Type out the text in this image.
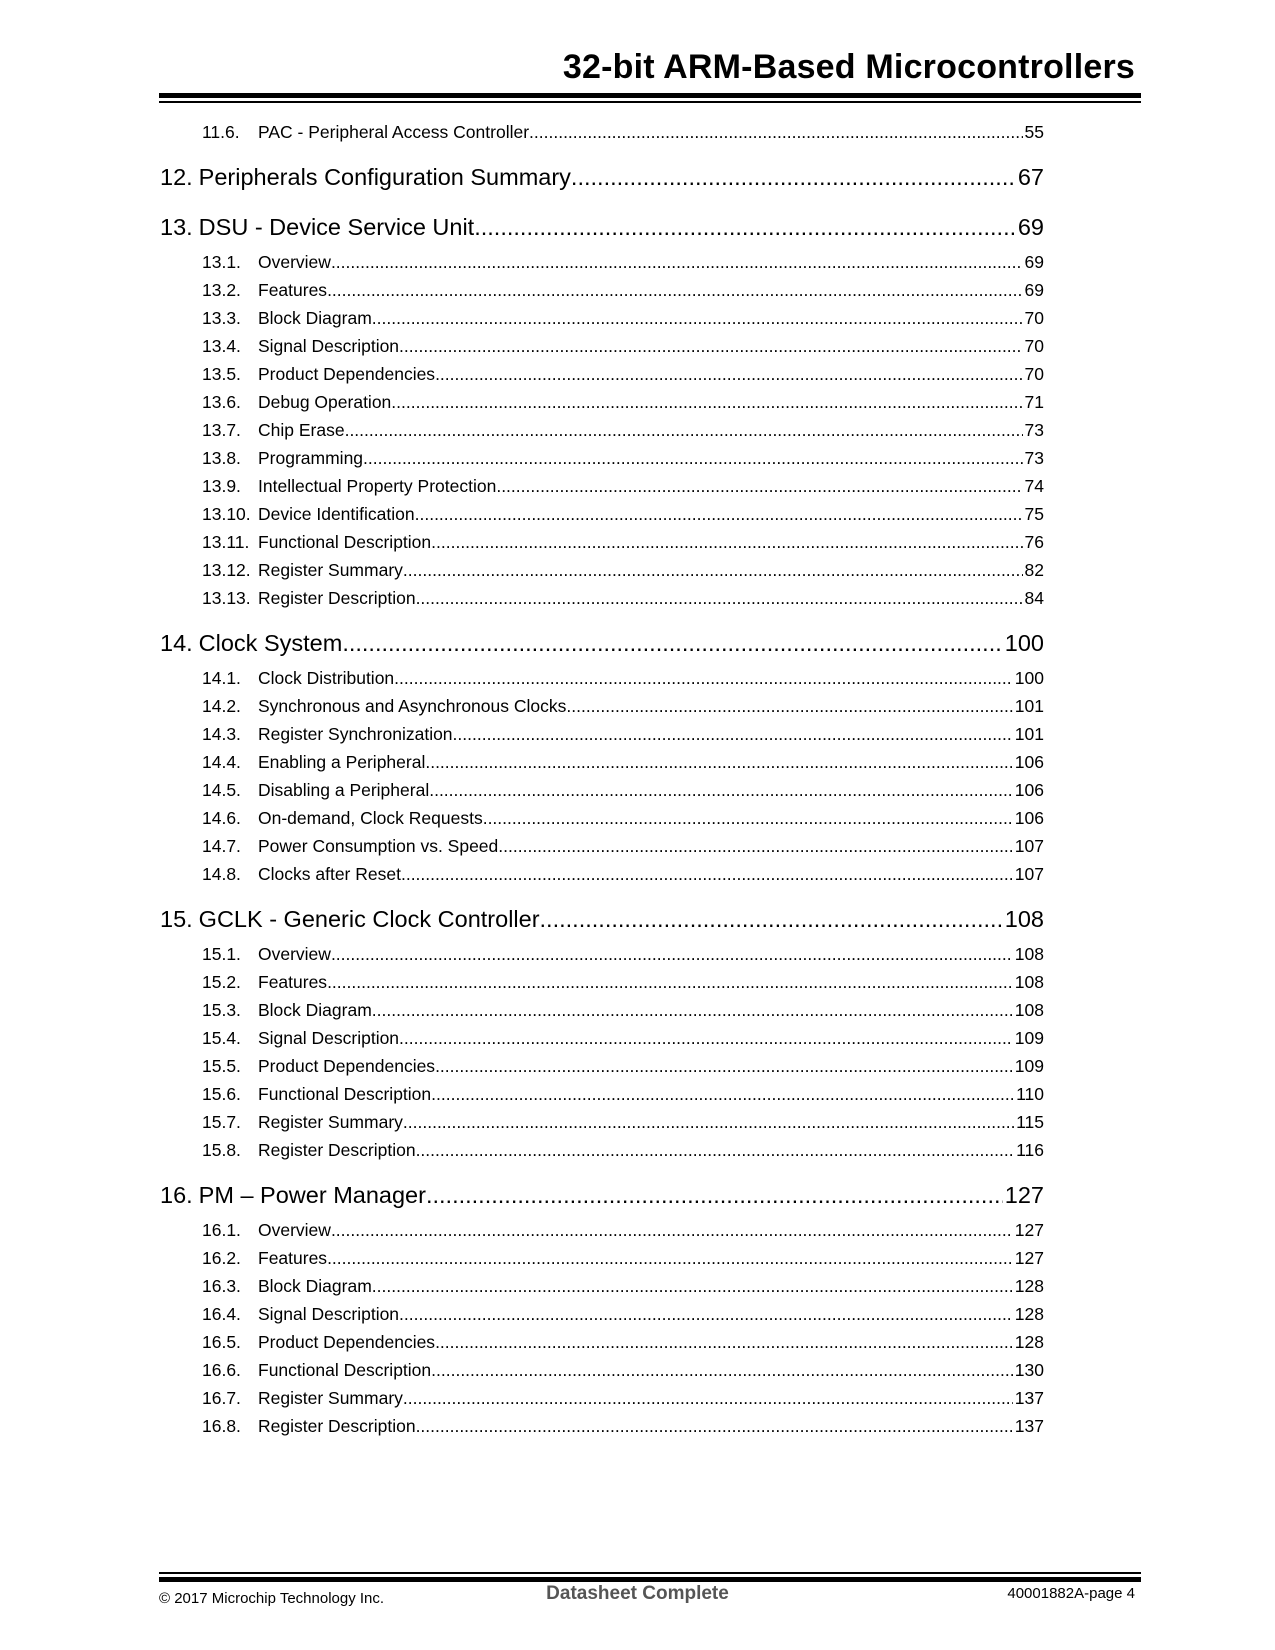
32-bit ARM-Based Microcontrollers
11.6. PAC - Peripheral Access Controller .....	55
12. Peripherals Configuration Summary .....	67
13. DSU - Device Service Unit .....	69
13.1. Overview .....	69
13.2. Features .....	69
13.3. Block Diagram .....	70
13.4. Signal Description .....	70
13.5. Product Dependencies .....	70
13.6. Debug Operation .....	71
13.7. Chip Erase .....	73
13.8. Programming .....	73
13.9. Intellectual Property Protection .....	74
13.10. Device Identification .....	75
13.11. Functional Description .....	76
13.12. Register Summary .....	82
13.13. Register Description .....	84
14. Clock System .....	100
14.1. Clock Distribution .....	100
14.2. Synchronous and Asynchronous Clocks .....	101
14.3. Register Synchronization .....	101
14.4. Enabling a Peripheral .....	106
14.5. Disabling a Peripheral .....	106
14.6. On-demand, Clock Requests .....	106
14.7. Power Consumption vs. Speed .....	107
14.8. Clocks after Reset .....	107
15. GCLK - Generic Clock Controller .....	108
15.1. Overview .....	108
15.2. Features .....	108
15.3. Block Diagram .....	108
15.4. Signal Description .....	109
15.5. Product Dependencies .....	109
15.6. Functional Description .....	110
15.7. Register Summary .....	115
15.8. Register Description .....	116
16. PM – Power Manager .....	127
16.1. Overview .....	127
16.2. Features .....	127
16.3. Block Diagram .....	128
16.4. Signal Description .....	128
16.5. Product Dependencies .....	128
16.6. Functional Description .....	130
16.7. Register Summary .....	137
16.8. Register Description .....	137
© 2017 Microchip Technology Inc.	Datasheet Complete	40001882A-page 4
